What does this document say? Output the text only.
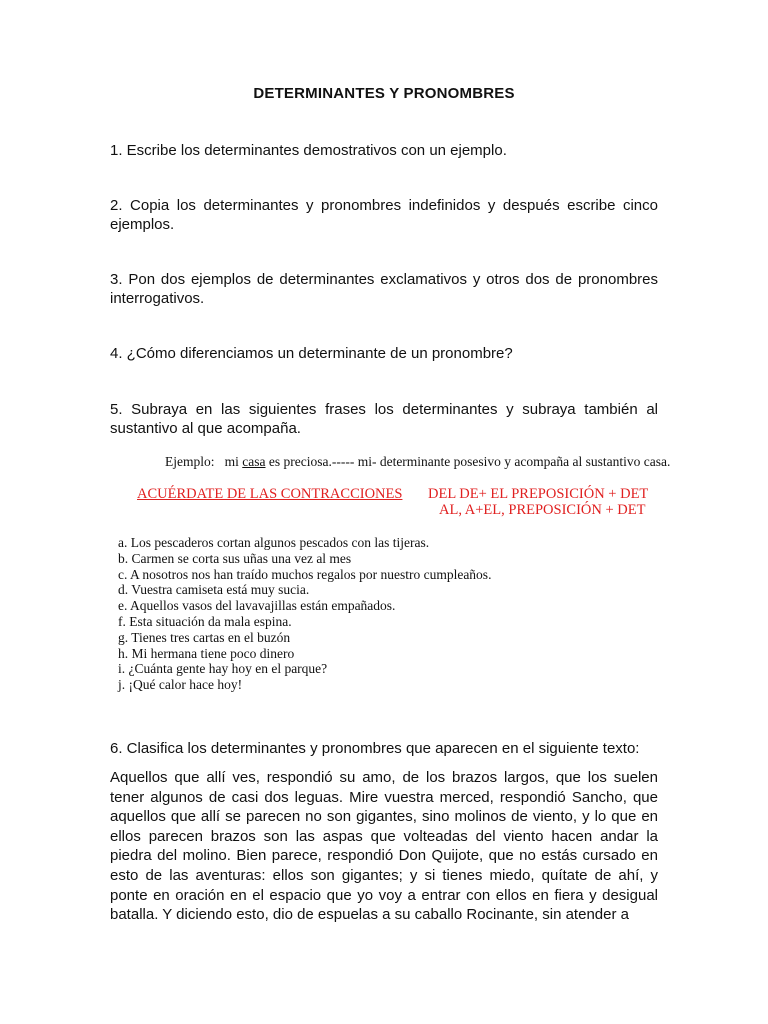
DETERMINANTES Y PRONOMBRES

1. Escribe los determinantes demostrativos con un ejemplo.

2. Copia los determinantes y pronombres indefinidos y después escribe cinco ejemplos.

3. Pon dos ejemplos de determinantes exclamativos y otros dos de pronombres interrogativos.

4. ¿Cómo diferenciamos un determinante de un pronombre?

5. Subraya en las siguientes frases los determinantes y subraya también al sustantivo al que acompaña.

Ejemplo: mi casa es preciosa.----- mi- determinante posesivo y acompaña al sustantivo casa.
ACUÉRDATE DE LAS CONTRACCIONES DEL DE+ EL PREPOSICIÓN + DET
AL, A+EL, PREPOSICIÓN + DET
a. Los pescaderos cortan algunos pescados con las tijeras.
b. Carmen se corta sus uñas una vez al mes
c. A nosotros nos han traído muchos regalos por nuestro cumpleaños.
d. Vuestra camiseta está muy sucia.
e. Aquellos vasos del lavavajillas están empañados.
f. Esta situación da mala espina.
g. Tienes tres cartas en el buzón
h. Mi hermana tiene poco dinero
i. ¿Cuánta gente hay hoy en el parque?
j. ¡Qué calor hace hoy!

6. Clasifica los determinantes y pronombres que aparecen en el siguiente texto:

Aquellos que allí ves, respondió su amo, de los brazos largos, que los suelen tener algunos de casi dos leguas. Mire vuestra merced, respondió Sancho, que aquellos que allí se parecen no son gigantes, sino molinos de viento, y lo que en ellos parecen brazos son las aspas que volteadas del viento hacen andar la piedra del molino. Bien parece, respondió Don Quijote, que no estás cursado en esto de las aventuras: ellos son gigantes; y si tienes miedo, quítate de ahí, y ponte en oración en el espacio que yo voy a entrar con ellos en fiera y desigual batalla. Y diciendo esto, dio de espuelas a su caballo Rocinante, sin atender a
